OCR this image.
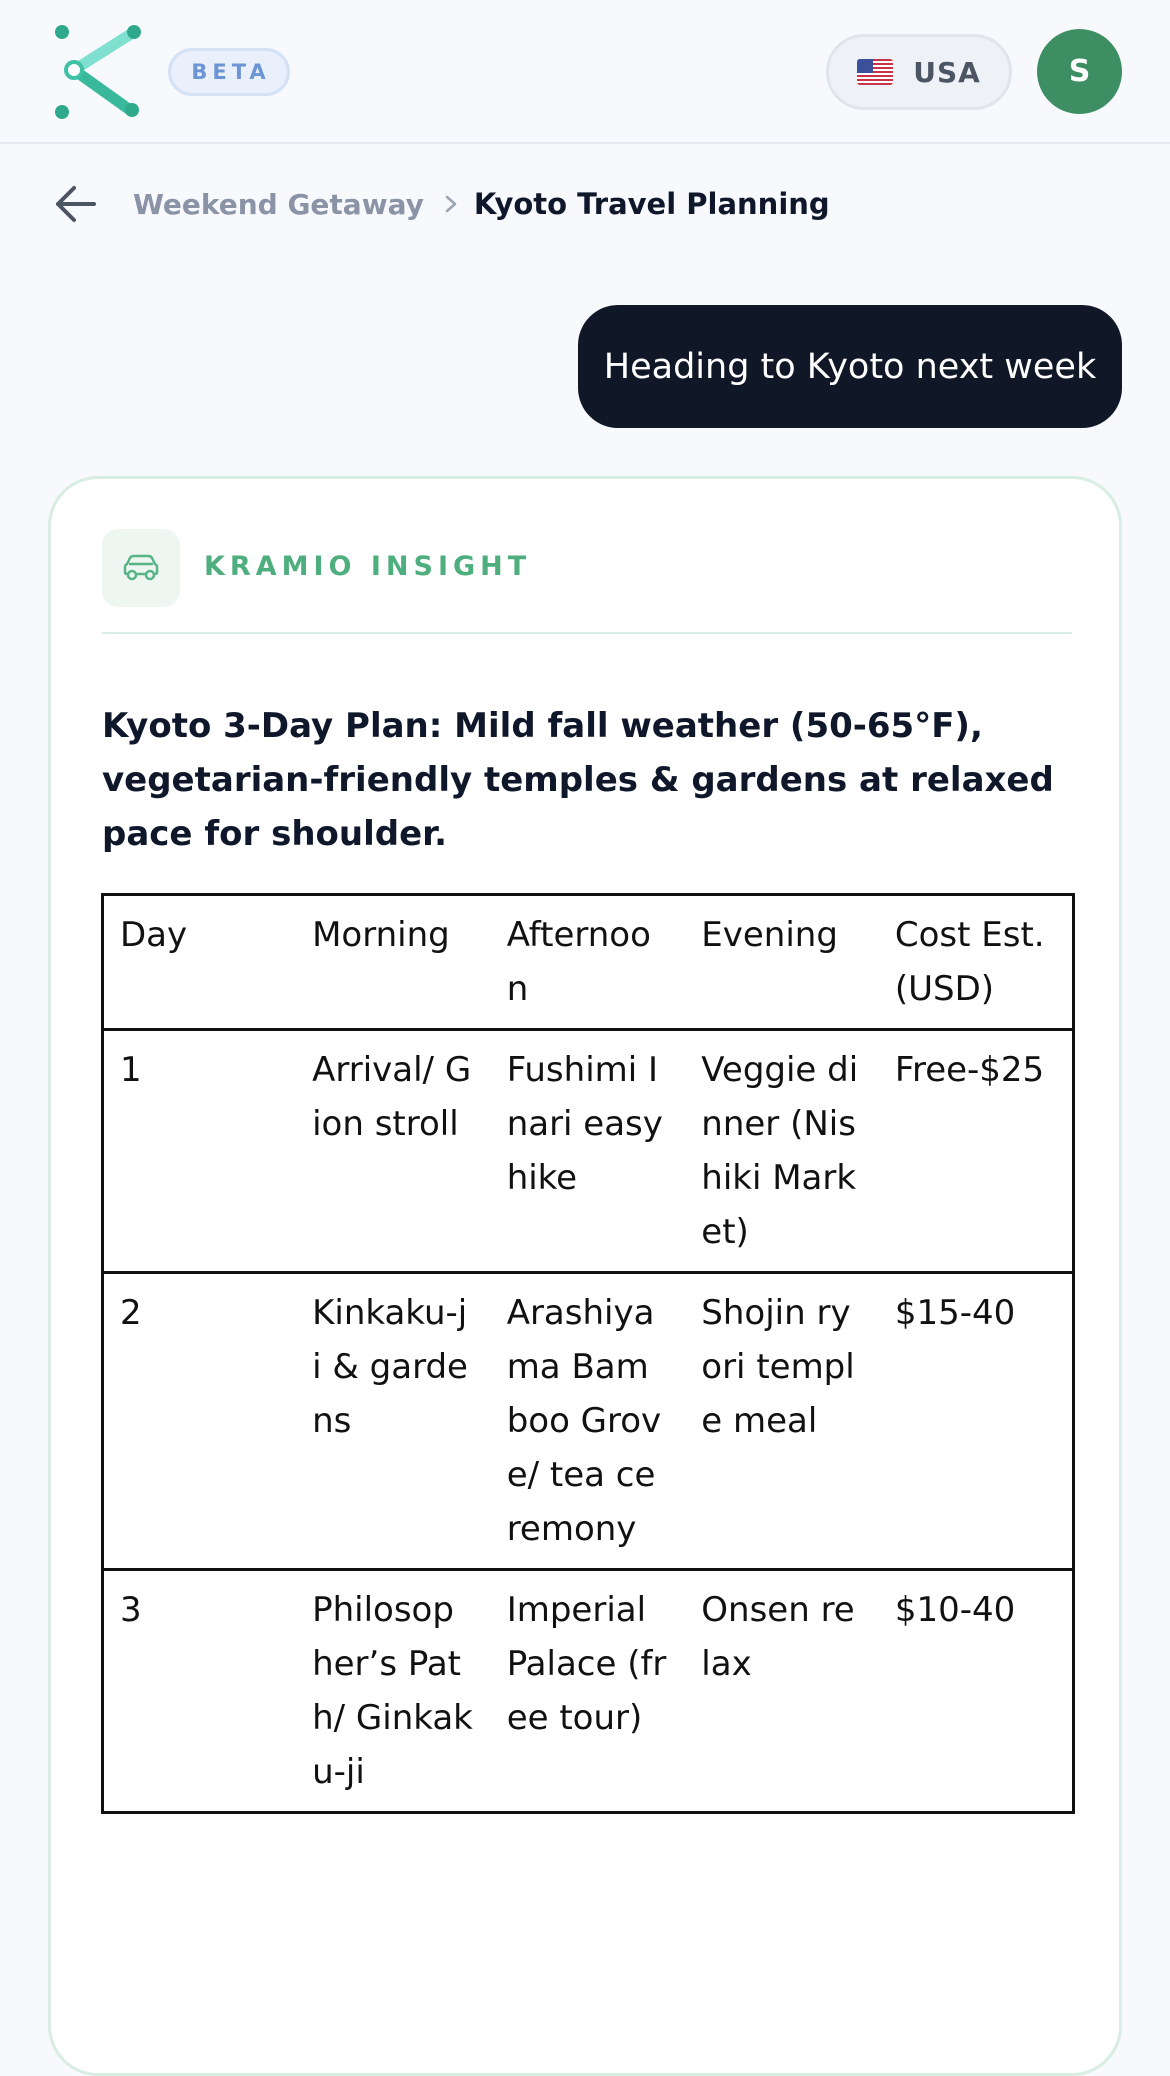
BETA	USA	S
Weekend Getaway Kyoto Travel Planning
Heading to Kyoto next week
KRAMIO INSIGHT
Kyoto 3-Day Plan: Mild fall weather (50-65°F), vegetarian-friendly temples & gardens at relaxed pace for shoulder.
Day	Morning	Afternoon	Evening	Cost Est. (USD)
1	Arrival/ Gion stroll	Fushimi Inari easy hike	Veggie dinner (Nishiki Market)	Free-$25
2	Kinkaku-ji & gardens	Arashiyama Bamboo Grove/ tea ceremony	Shojin ryori temple meal	$15-40
3	Philosopher’s Path/ Ginkaku-ji	Imperial Palace (free tour)	Onsen relax	$10-40
